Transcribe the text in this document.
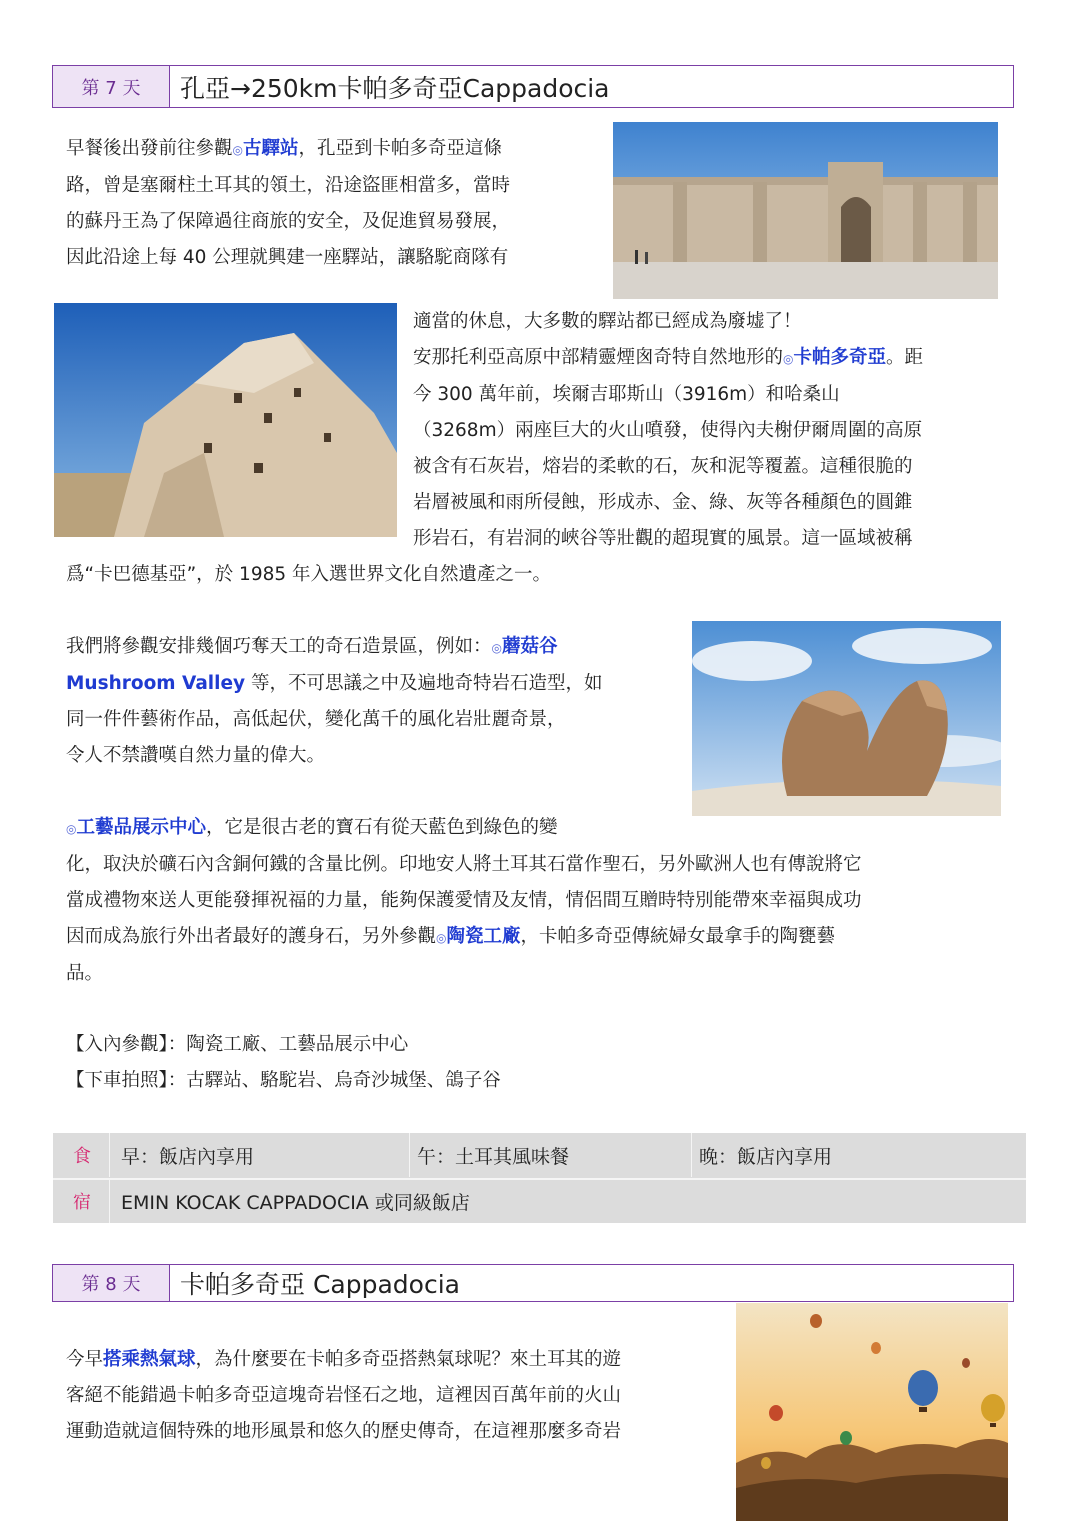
第 7 天	孔亞→250km卡帕多奇亞Cappadocia

早餐後出發前往參觀◎古驛站，孔亞到卡帕多奇亞這條
路，曾是塞爾柱土耳其的領土，沿途盜匪相當多，當時
的蘇丹王為了保障過往商旅的安全，及促進貿易發展，
因此沿途上每 40 公理就興建一座驛站，讓駱駝商隊有

適當的休息，大多數的驛站都已經成為廢墟了！
安那托利亞高原中部精靈煙囪奇特自然地形的◎卡帕多奇亞。距
今 300 萬年前，埃爾吉耶斯山（3916m）和哈桑山
（3268m）兩座巨大的火山噴發，使得內夫榭伊爾周圍的高原
被含有石灰岩，熔岩的柔軟的石，灰和泥等覆蓋。這種很脆的
岩層被風和雨所侵蝕，形成赤、金、綠、灰等各種顏色的圓錐
形岩石，有岩洞的峽谷等壯觀的超現實的風景。這一區域被稱

爲“卡巴德基亞”，於 1985 年入選世界文化自然遺產之一。

我們將參觀安排幾個巧奪天工的奇石造景區，例如：◎蘑菇谷
Mushroom Valley 等，不可思議之中及遍地奇特岩石造型，如
同一件件藝術作品，高低起伏，變化萬千的風化岩壯麗奇景，
令人不禁讚嘆自然力量的偉大。

◎工藝品展示中心，它是很古老的寶石有從天藍色到綠色的變
化，取決於礦石內含銅何鐵的含量比例。印地安人將土耳其石當作聖石，另外歐洲人也有傳說將它
當成禮物來送人更能發揮祝福的力量，能夠保護愛情及友情，情侶間互贈時特別能帶來幸福與成功
因而成為旅行外出者最好的護身石，另外參觀◎陶瓷工廠，卡帕多奇亞傳統婦女最拿手的陶甕藝
品。

【入內參觀】：陶瓷工廠、工藝品展示中心
【下車拍照】：古驛站、駱駝岩、烏奇沙城堡、鴿子谷

食 早：飯店內享用	午：土耳其風味餐	晚：飯店內享用
宿 EMIN KOCAK CAPPADOCIA 或同級飯店
第 8 天	卡帕多奇亞 Cappadocia

今早搭乘熱氣球，為什麼要在卡帕多奇亞搭熱氣球呢？來土耳其的遊
客絕不能錯過卡帕多奇亞這塊奇岩怪石之地，這裡因百萬年前的火山
運動造就這個特殊的地形風景和悠久的歷史傳奇，在這裡那麼多奇岩
